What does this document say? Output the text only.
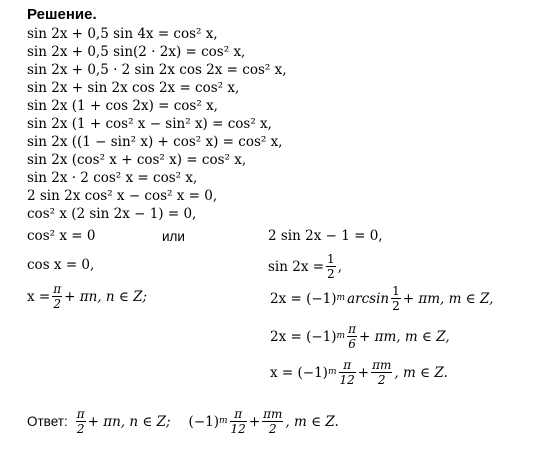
Решение.
sin 2x + 0,5 sin 4x = cos² x,
sin 2x + 0,5 sin(2 · 2x) = cos² x,
sin 2x + 0,5 · 2 sin 2x cos 2x = cos² x,
sin 2x + sin 2x cos 2x = cos² x,
sin 2x (1 + cos 2x) = cos² x,
sin 2x (1 + cos² x − sin² x) = cos² x,
sin 2x ((1 − sin² x) + cos² x) = cos² x,
sin 2x (cos² x + cos² x) = cos² x,
sin 2x · 2 cos² x = cos² x,
2 sin 2x cos² x − cos² x = 0,
cos² x (2 sin 2x − 1) = 0,
cos² x = 0	или
cos x = 0,
$x = \frac{\pi}{2} + \pi n$, n ∈ Z;
2 sin 2x − 1 = 0,
$\sin 2x = \frac{1}{2}$ ,
$2x = (-1)^m$ $\arcsin \frac{1}{2} + \pi m$, m ∈ Z,
$2x = (-1)^m \frac{\pi}{6} + \pi m$, m ∈ Z,
$x = (-1)^m \frac{\pi}{12} + \frac{\pi m}{2}$ , m ∈ Z.
Ответ: $\frac{\pi}{2} + \pi n$, n ∈ Z; $(-1)^m \frac{\pi}{12} + \frac{\pi m}{2}$ , m ∈ Z.
